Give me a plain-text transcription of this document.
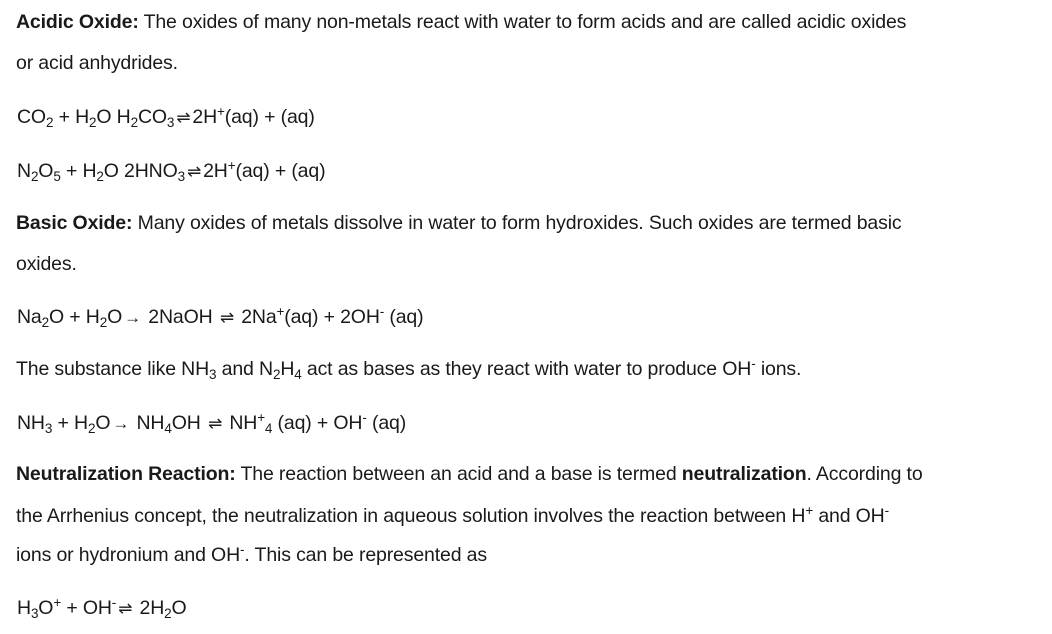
Acidic Oxide: The oxides of many non-metals react with water to form acids and are called acidic oxides
or acid anhydrides.
$CO_2 + H_2O$ $H_2CO_3$ ⇌ 2H+(aq) + (aq)
$N_2O_5 + H_2O$ $2HNO_3$ ⇌ 2H+(aq) + (aq)
Basic Oxide: Many oxides of metals dissolve in water to form hydroxides. Such oxides are termed basic
oxides.
$Na_2O + H_2O$ → 2NaOH ⇌ 2Na+(aq) + 2OH- (aq)
The substance like $NH_3$ and $N_2H_4$ act as bases as they react with water to produce OH- ions.
$NH_3 + H_2O \to NH_4OH$ ⇌ $NH^+_4$ (aq) + OH- (aq)
Neutralization Reaction: The reaction between an acid and a base is termed neutralization. According to
the Arrhenius concept, the neutralization in aqueous solution involves the reaction between H+ and OH-
ions or hydronium and OH-. This can be represented as
$H_3O^+ + OH^-$ ⇌ $2H_2O$
